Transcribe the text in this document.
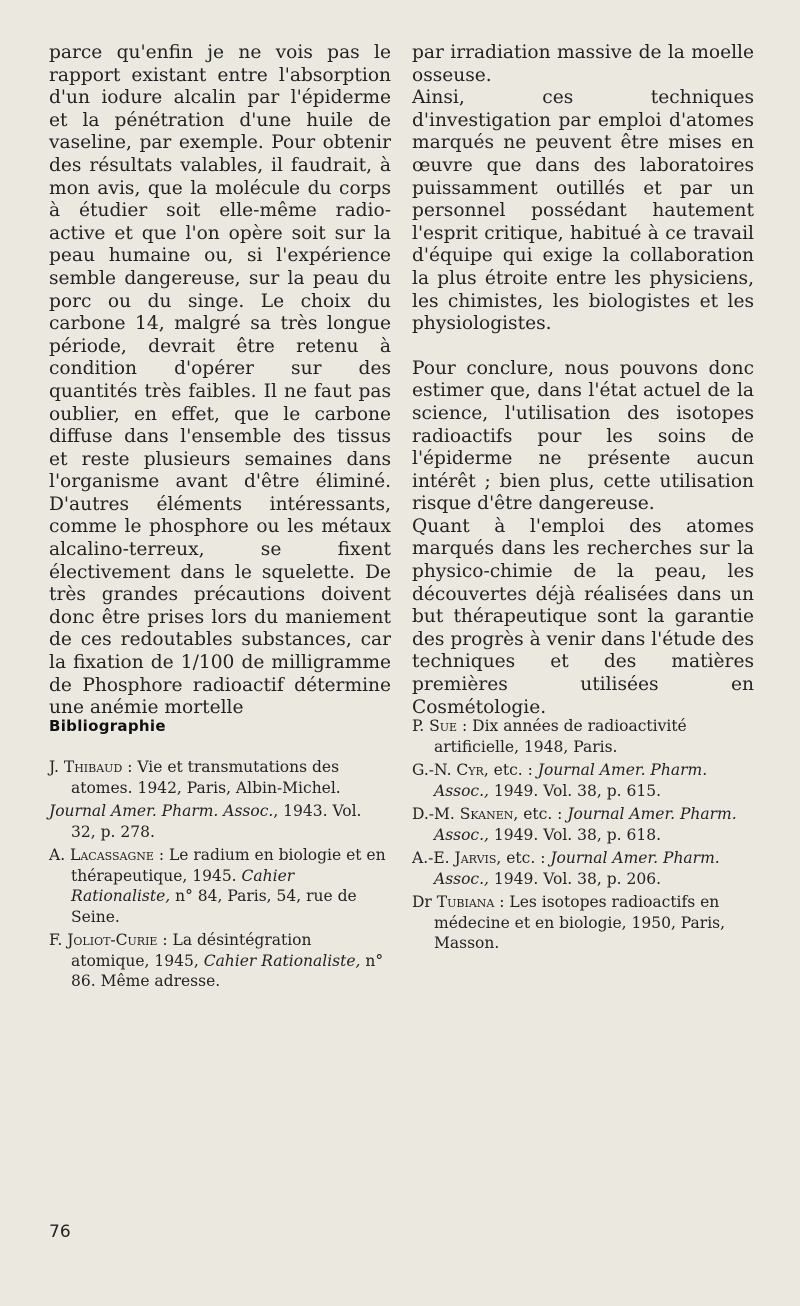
parce qu'enfin je ne vois pas le rapport existant entre l'absorption d'un iodure alcalin par l'épiderme et la pénétration d'une huile de vaseline, par exemple. Pour obtenir des résultats valables, il faudrait, à mon avis, que la molécule du corps à étudier soit elle-même radio-active et que l'on opère soit sur la peau humaine ou, si l'expérience semble dangereuse, sur la peau du porc ou du singe. Le choix du carbone 14, malgré sa très longue période, devrait être retenu à condition d'opérer sur des quantités très faibles. Il ne faut pas oublier, en effet, que le carbone diffuse dans l'ensemble des tissus et reste plusieurs semaines dans l'organisme avant d'être éliminé. D'autres éléments intéressants, comme le phosphore ou les métaux alcalino-terreux, se fixent électivement dans le squelette. De très grandes précautions doivent donc être prises lors du maniement de ces redoutables substances, car la fixation de 1/100 de milligramme de Phosphore radioactif détermine une anémie mortelle

par irradiation massive de la moelle osseuse.

Ainsi, ces techniques d'investigation par emploi d'atomes marqués ne peuvent être mises en œuvre que dans des laboratoires puissamment outillés et par un personnel possédant hautement l'esprit critique, habitué à ce travail d'équipe qui exige la collaboration la plus étroite entre les physiciens, les chimistes, les biologistes et les physiologistes.

Pour conclure, nous pouvons donc estimer que, dans l'état actuel de la science, l'utilisation des isotopes radioactifs pour les soins de l'épiderme ne présente aucun intérêt ; bien plus, cette utilisation risque d'être dangereuse.

Quant à l'emploi des atomes marqués dans les recherches sur la physico-chimie de la peau, les découvertes déjà réalisées dans un but thérapeutique sont la garantie des progrès à venir dans l'étude des techniques et des matières premières utilisées en Cosmétologie.

Bibliographie
J. Thibaud : Vie et transmutations des atomes. 1942, Paris, Albin-Michel.
Journal Amer. Pharm. Assoc., 1943. Vol. 32, p. 278.
A. Lacassagne : Le radium en biologie et en thérapeutique, 1945. Cahier Rationaliste, n° 84, Paris, 54, rue de Seine.
F. Joliot-Curie : La désintégration atomique, 1945, Cahier Rationaliste, n° 86. Même adresse.
P. Sue : Dix années de radioactivité artificielle, 1948, Paris.
G.-N. Cyr, etc. : Journal Amer. Pharm. Assoc., 1949. Vol. 38, p. 615.
D.-M. Skanen, etc. : Journal Amer. Pharm. Assoc., 1949. Vol. 38, p. 618.
A.-E. Jarvis, etc. : Journal Amer. Pharm. Assoc., 1949. Vol. 38, p. 206.
Dr Tubiana : Les isotopes radioactifs en médecine et en biologie, 1950, Paris, Masson.
76
